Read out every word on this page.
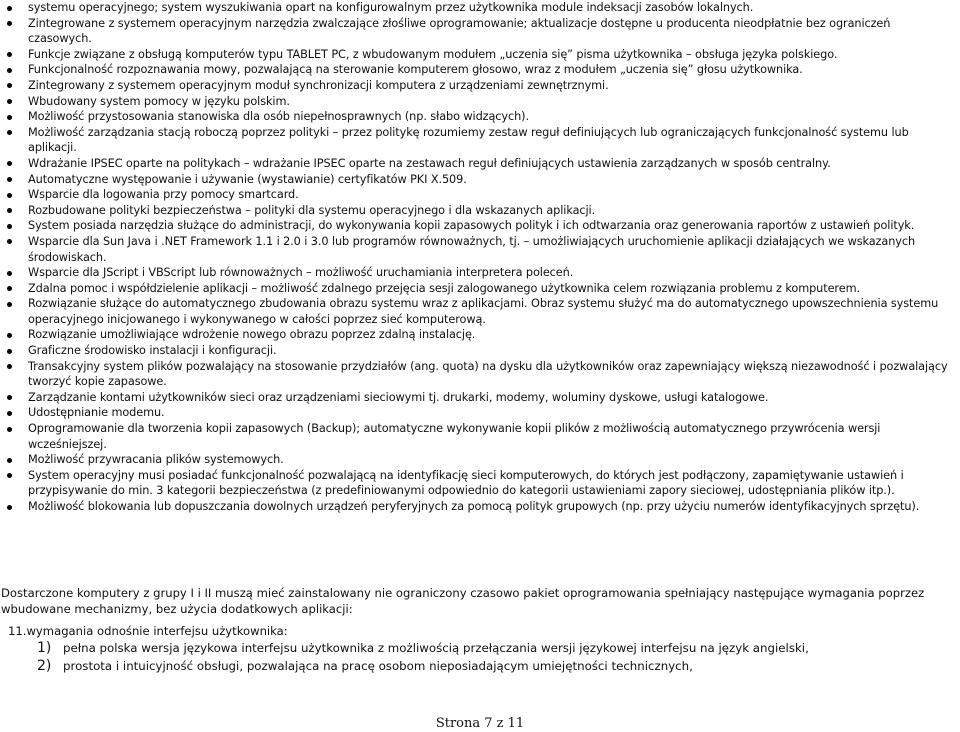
systemu operacyjnego; system wyszukiwania opart na konfigurowalnym przez użytkownika module indeksacji zasobów lokalnych.
Zintegrowane z systemem operacyjnym narzędzia zwalczające złośliwe oprogramowanie; aktualizacje dostępne u producenta nieodpłatnie bez ograniczeń czasowych.
Funkcje związane z obsługą komputerów typu TABLET PC, z wbudowanym modułem „uczenia się” pisma użytkownika – obsługa języka polskiego.
Funkcjonalność rozpoznawania mowy, pozwalającą na sterowanie komputerem głosowo, wraz z modułem „uczenia się” głosu użytkownika.
Zintegrowany z systemem operacyjnym moduł synchronizacji komputera z urządzeniami zewnętrznymi.
Wbudowany system pomocy w języku polskim.
Możliwość przystosowania stanowiska dla osób niepełnosprawnych (np. słabo widzących).
Możliwość zarządzania stacją roboczą poprzez polityki – przez politykę rozumiemy zestaw reguł definiujących lub ograniczających funkcjonalność systemu lub aplikacji.
Wdrażanie IPSEC oparte na politykach – wdrażanie IPSEC oparte na zestawach reguł definiujących ustawienia zarządzanych w sposób centralny.
Automatyczne występowanie i używanie (wystawianie) certyfikatów PKI X.509.
Wsparcie dla logowania przy pomocy smartcard.
Rozbudowane polityki bezpieczeństwa – polityki dla systemu operacyjnego i dla wskazanych aplikacji.
System posiada narzędzia służące do administracji, do wykonywania kopii zapasowych polityk i ich odtwarzania oraz generowania raportów z ustawień polityk.
Wsparcie dla Sun Java i .NET Framework 1.1 i 2.0 i 3.0 lub programów równoważnych, tj. – umożliwiających uruchomienie aplikacji działających we wskazanych środowiskach.
Wsparcie dla JScript i VBScript lub równoważnych – możliwość uruchamiania interpretera poleceń.
Zdalna pomoc i współdzielenie aplikacji – możliwość zdalnego przejęcia sesji zalogowanego użytkownika celem rozwiązania problemu z komputerem.
Rozwiązanie służące do automatycznego zbudowania obrazu systemu wraz z aplikacjami. Obraz systemu służyć ma do automatycznego upowszechnienia systemu operacyjnego inicjowanego i wykonywanego w całości poprzez sieć komputerową.
Rozwiązanie umożliwiające wdrożenie nowego obrazu poprzez zdalną instalację.
Graficzne środowisko instalacji i konfiguracji.
Transakcyjny system plików pozwalający na stosowanie przydziałów (ang. quota) na dysku dla użytkowników oraz zapewniający większą niezawodność i pozwalający tworzyć kopie zapasowe.
Zarządzanie kontami użytkowników sieci oraz urządzeniami sieciowymi tj. drukarki, modemy, woluminy dyskowe, usługi katalogowe.
Udostępnianie modemu.
Oprogramowanie dla tworzenia kopii zapasowych (Backup); automatyczne wykonywanie kopii plików z możliwością automatycznego przywrócenia wersji wcześniejszej.
Możliwość przywracania plików systemowych.
System operacyjny musi posiadać funkcjonalność pozwalającą na identyfikację sieci komputerowych, do których jest podłączony, zapamiętywanie ustawień i przypisywanie do min. 3 kategorii bezpieczeństwa (z predefiniowanymi odpowiednio do kategorii ustawieniami zapory sieciowej, udostępniania plików itp.).
Możliwość blokowania lub dopuszczania dowolnych urządzeń peryferyjnych za pomocą polityk grupowych (np. przy użyciu numerów identyfikacyjnych sprzętu).
Dostarczone komputery z grupy I i II muszą mieć zainstalowany nie ograniczony czasowo pakiet oprogramowania spełniający następujące wymagania poprzez wbudowane mechanizmy, bez użycia dodatkowych aplikacji:
11.wymagania odnośnie interfejsu użytkownika:
1) pełna polska wersja językowa interfejsu użytkownika z możliwością przełączania wersji językowej interfejsu na język angielski,
2) prostota i intuicyjność obsługi, pozwalająca na pracę osobom nieposiadającym umiejętności technicznych,
Strona 7 z 11
